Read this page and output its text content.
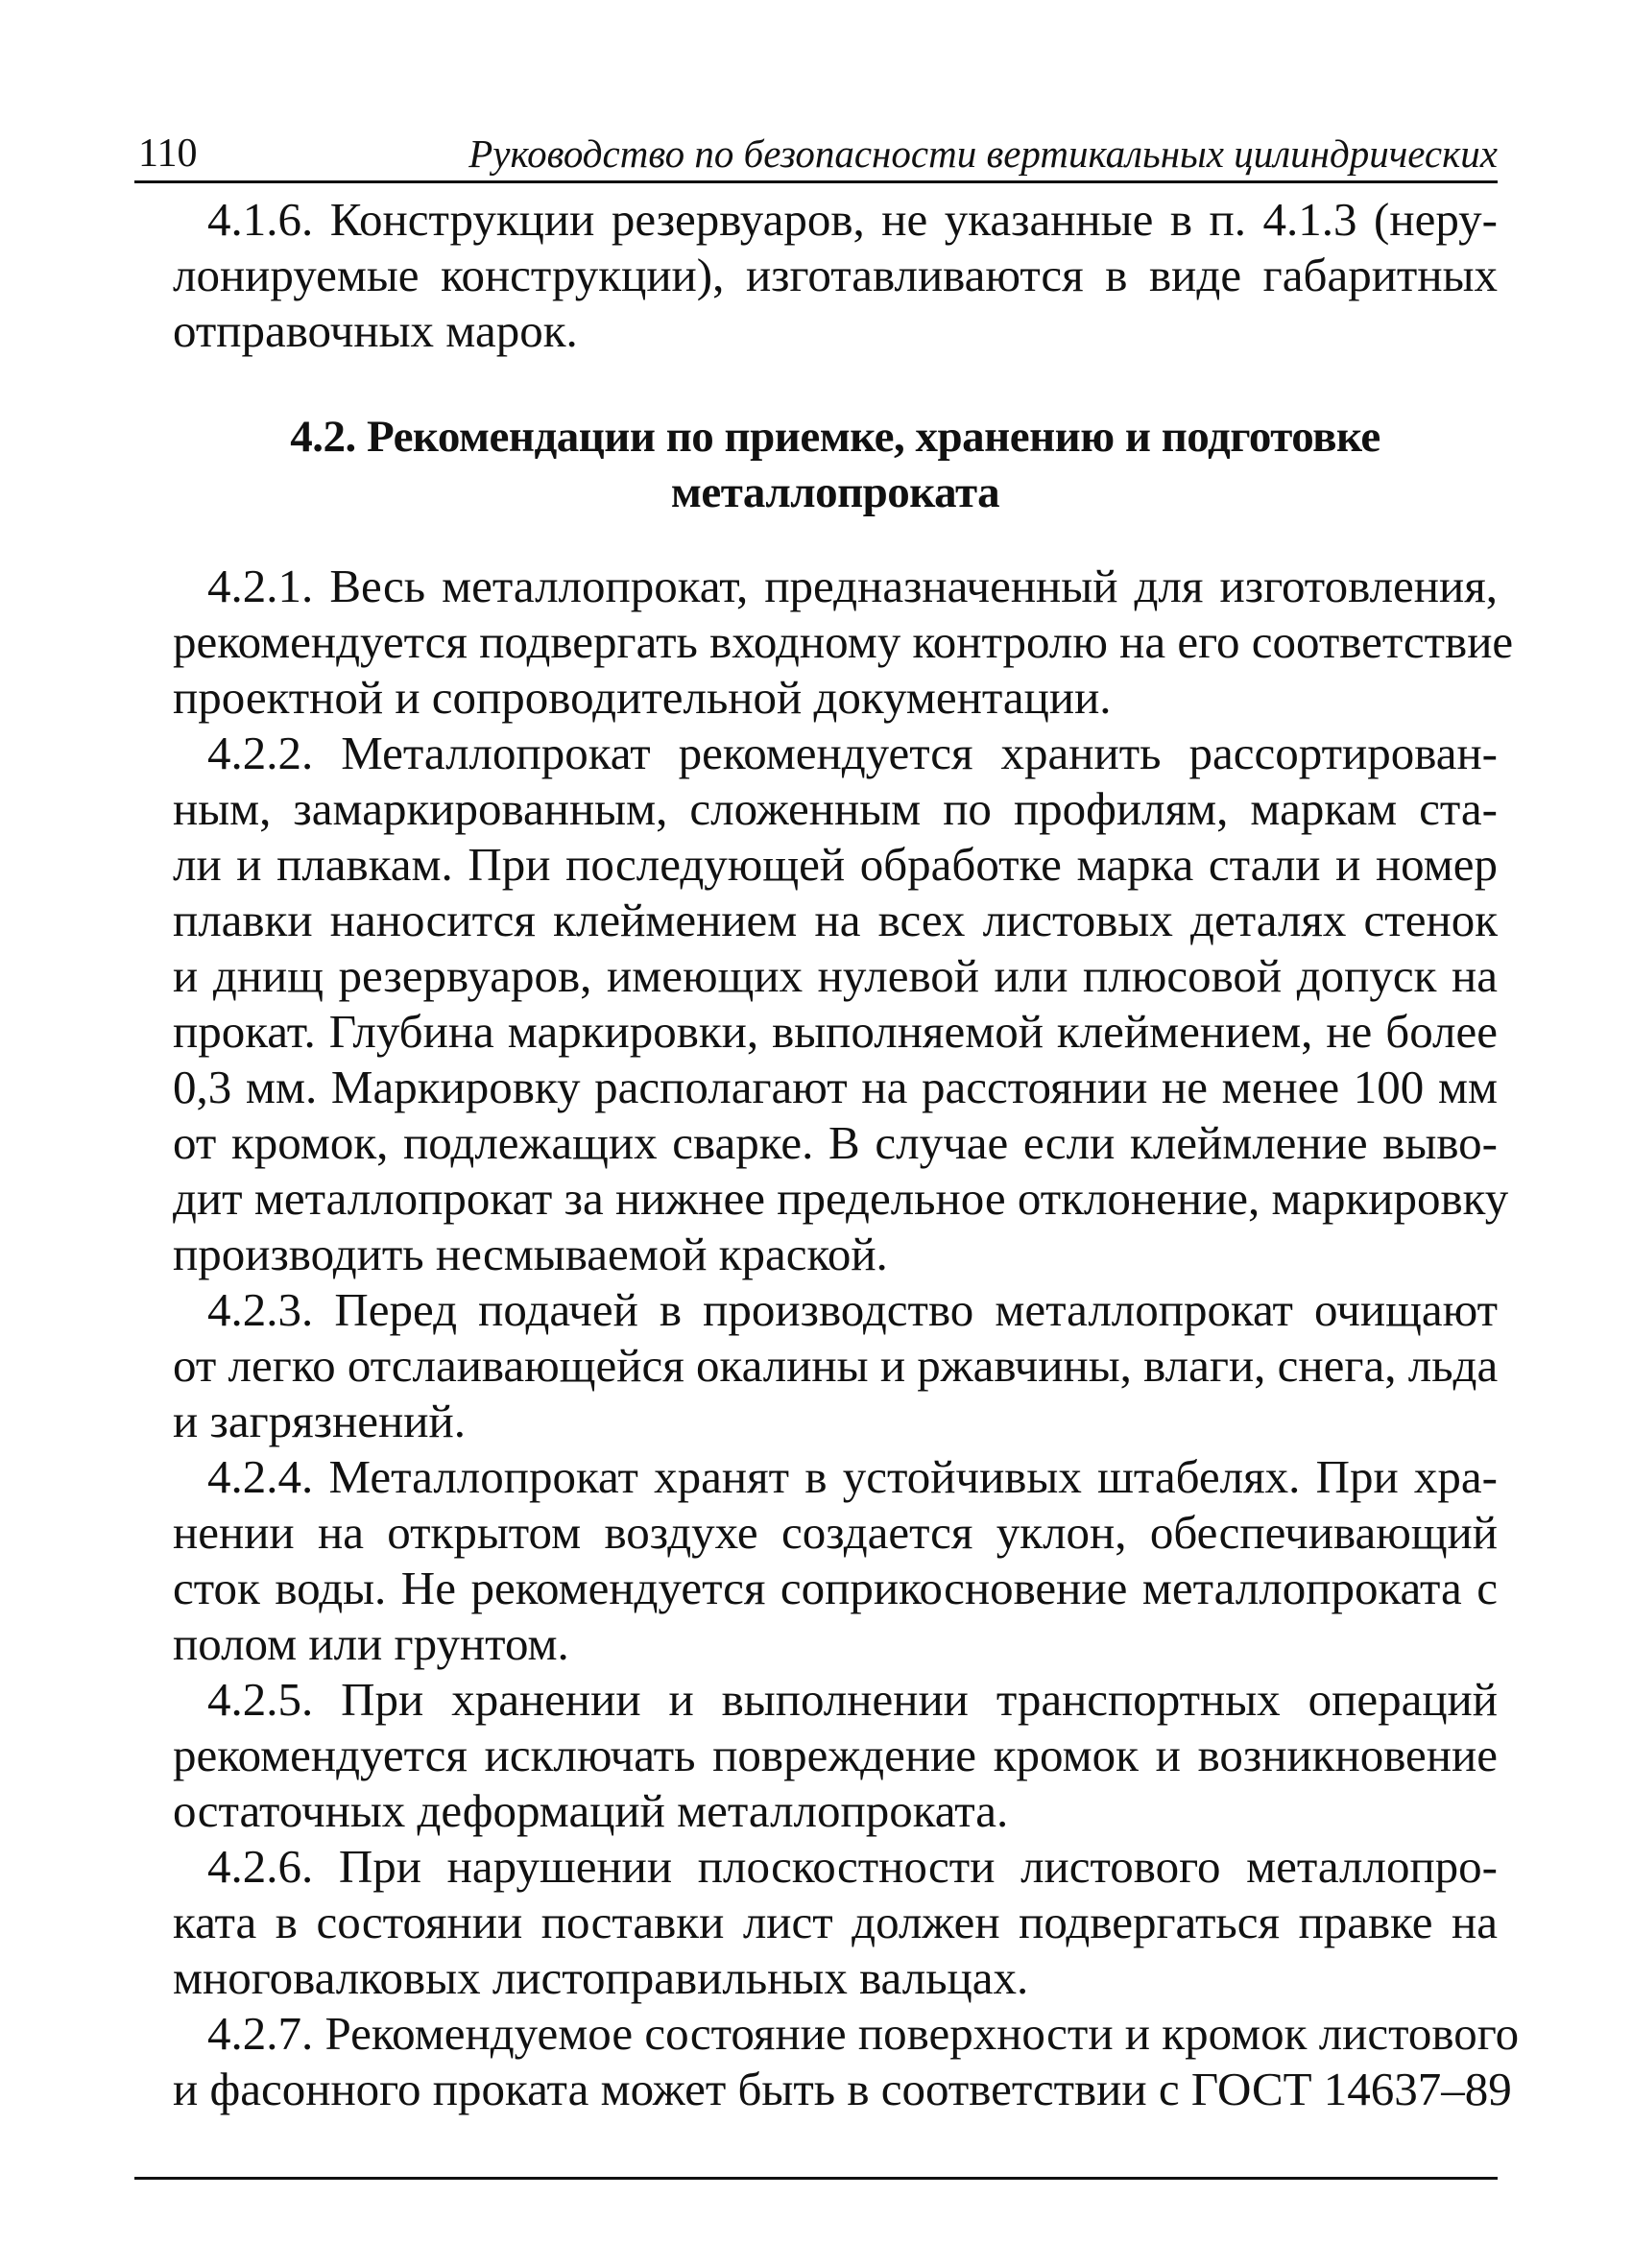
110	Руководство по безопасности вертикальных цилиндрических

4.1.6. Конструкции резервуаров, не указанные в п. 4.1.3 (неру-
лонируемые конструкции), изготавливаются в виде габаритных
отправочных марок.

4.2. Рекомендации по приемке, хранению и подготовке
металлопроката

4.2.1. Весь металлопрокат, предназначенный для изготовления,
рекомендуется подвергать входному контролю на его соответствие
проектной и сопроводительной документации.

4.2.2. Металлопрокат рекомендуется хранить рассортирован-
ным, замаркированным, сложенным по профилям, маркам ста-
ли и плавкам. При последующей обработке марка стали и номер
плавки наносится клеймением на всех листовых деталях стенок
и днищ резервуаров, имеющих нулевой или плюсовой допуск на
прокат. Глубина маркировки, выполняемой клеймением, не более
0,3 мм. Маркировку располагают на расстоянии не менее 100 мм
от кромок, подлежащих сварке. В случае если клеймление выво-
дит металлопрокат за нижнее предельное отклонение, маркировку
производить несмываемой краской.

4.2.3. Перед подачей в производство металлопрокат очищают
от легко отслаивающейся окалины и ржавчины, влаги, снега, льда
и загрязнений.

4.2.4. Металлопрокат хранят в устойчивых штабелях. При хра-
нении на открытом воздухе создается уклон, обеспечивающий
сток воды. Не рекомендуется соприкосновение металлопроката с
полом или грунтом.

4.2.5. При хранении и выполнении транспортных операций
рекомендуется исключать повреждение кромок и возникновение
остаточных деформаций металлопроката.

4.2.6. При нарушении плоскостности листового металлопро-
ката в состоянии поставки лист должен подвергаться правке на
многовалковых листоправильных вальцах.

4.2.7. Рекомендуемое состояние поверхности и кромок листового
и фасонного проката может быть в соответствии с ГОСТ 14637–89
